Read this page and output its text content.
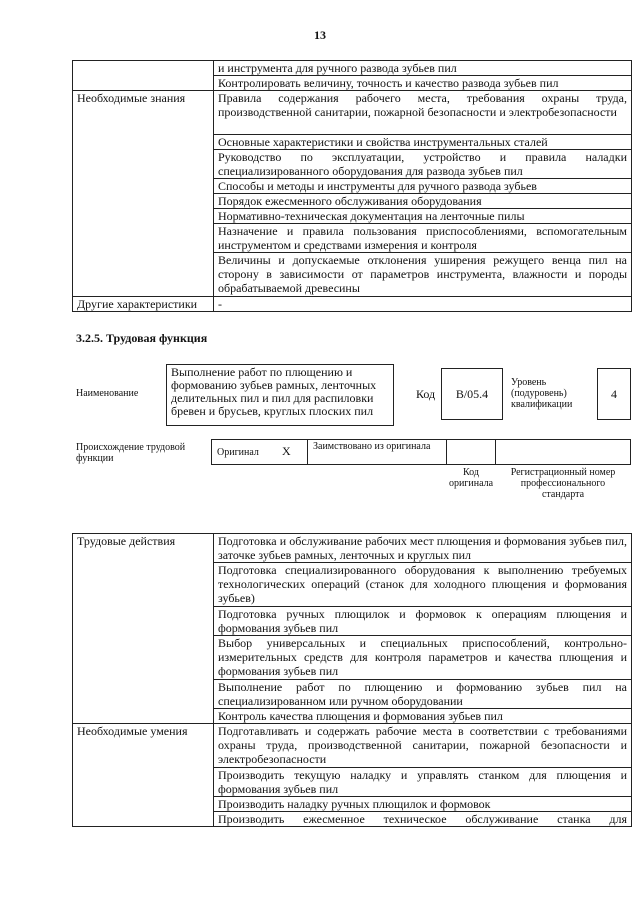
13
	и инструмента для ручного развода зубьев пил
	Контролировать величину, точность и качество развода зубьев пил
Необходимые знания	Правила содержания рабочего места, требования охраны труда, производственной санитарии, пожарной безопасности и электробезопасности
	Основные характеристики и свойства инструментальных сталей
	Руководство по эксплуатации, устройство и правила наладки специализированного оборудования для развода зубьев пил
	Способы и методы и инструменты для ручного развода зубьев
	Порядок ежесменного обслуживания оборудования
	Нормативно-техническая документация на ленточные пилы
	Назначение и правила пользования приспособлениями, вспомогательным инструментом и средствами измерения и контроля
	Величины и допускаемые отклонения уширения режущего венца пил на сторону в зависимости от параметров инструмента, влажности и породы обрабатываемой древесины
Другие характеристики	-
3.2.5. Трудовая функция
Наименование
Выполнение работ по плющению и формованию зубьев рамных, ленточных делительных пил и пил для распиловки бревен и брусьев, круглых плоских пил
Код	B/05.4
Уровень (подуровень) квалификации
4
Происхождение трудовой функции
Оригинал X Заимствовано из оригинала
Код оригинала
Регистрационный номер профессионального стандарта
Трудовые действия	Подготовка и обслуживание рабочих мест плющения и формования зубьев пил, заточке зубьев рамных, ленточных и круглых пил
	Подготовка специализированного оборудования к выполнению требуемых технологических операций (станок для холодного плющения и формования зубьев)
	Подготовка ручных плющилок и формовок к операциям плющения и формования зубьев пил
	Выбор универсальных и специальных приспособлений, контрольно-измерительных средств для контроля параметров и качества плющения и формования зубьев пил
	Выполнение работ по плющению и формованию зубьев пил на специализированном или ручном оборудовании
	Контроль качества плющения и формования зубьев пил
Необходимые умения	Подготавливать и содержать рабочие места в соответствии с требованиями охраны труда, производственной санитарии, пожарной безопасности и электробезопасности
	Производить текущую наладку и управлять станком для плющения и формования зубьев пил
	Производить наладку ручных плющилок и формовок
	Производить ежесменное техническое обслуживание станка для
